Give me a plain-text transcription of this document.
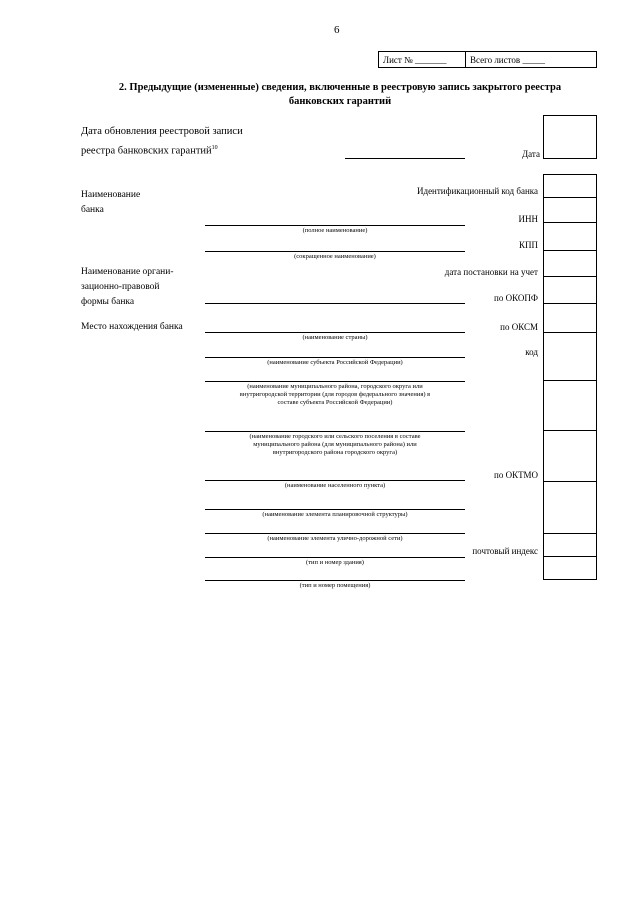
6
Лист № _______	Всего листов _____
2. Предыдущие (измененные) сведения, включенные в реестровую запись закрытого реестра банковских гарантий
Дата обновления реестровой записи
реестра банковских гарантий$^{10}$
Дата
Идентификационный код банка
ИНН
КПП
дата постановки на учет
по ОКОПФ
по ОКСМ
код
по ОКТМО
почтовый индекс
Наименование
банка
(полное наименование)
(сокращенное наименование)
Наименование органи-
зационно-правовой
формы банка
Место нахождения банка
(наименование страны)
(наименование субъекта Российской Федерации)
(наименование муниципального района, городского округа или
внутригородской территории (для городов федерального значения) в
составе субъекта Российской Федерации)
(наименование городского или сельского поселения в составе
муниципального района (для муниципального района) или
внутригородского района городского округа)
(наименование населенного пункта)
(наименование элемента планировочной структуры)
(наименование элемента улично-дорожной сети)
(тип и номер здания)
(тип и номер помещения)
